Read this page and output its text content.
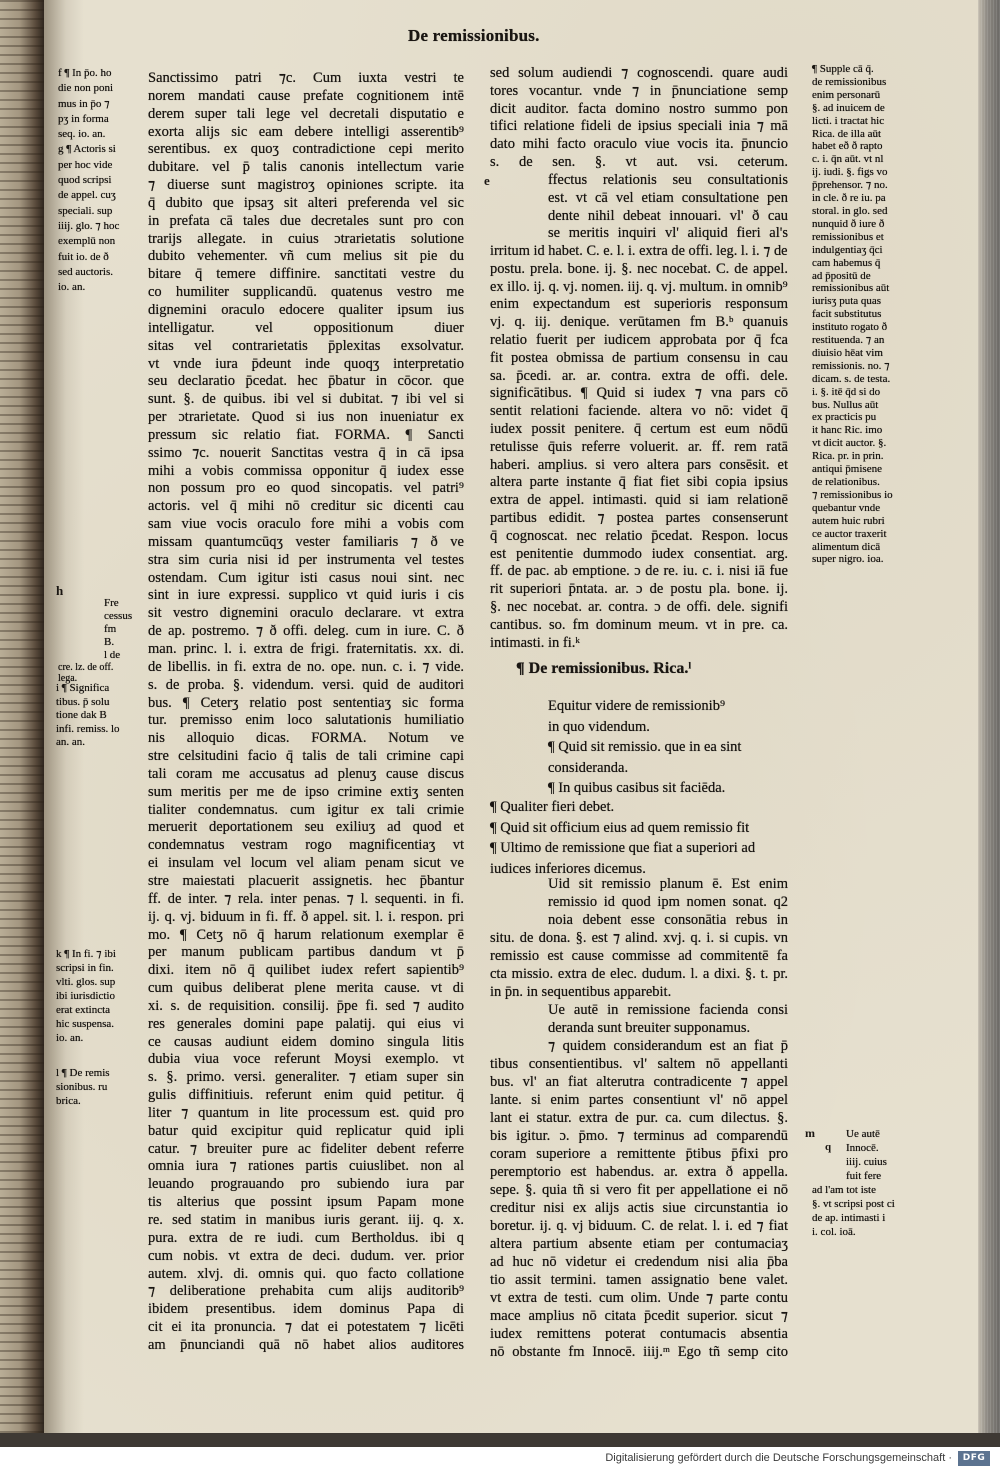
De remissionibus.
f ¶ In p̄o. ho
die non poni
mus in p̄o ⁊
pʒ in forma
seq. io. an.
g ¶ Actoris si
per hoc vide
quod scripsi
de appel. cuʒ
speciali. sup
iiij. glo. ⁊ hoc
exemplū non
fuit io. de ð
sed auctoris.
io. an.
h
Fre
cessus
fm
B.
l de
cre. lz. de off.
lega.
i ¶ Significa
tibus. p̄ solu
tione dak B
infi. remiss. lo
an. an.
k ¶ In fi. ⁊ ibi
scripsi in fin.
vlti. glos. sup
ibi iurisdictio
erat extincta
hic suspensa.
io. an.
l ¶ De remis
sionibus. ru
brica.
Sanctissimo patri ⁊c. Cum iuxta vestri te
norem mandati cause prefate cognitionem intē
derem super tali lege vel decretali disputatio e
exorta alijs sic eam debere intelligi asserentib⁹
serentibus. ex quoʒ contradictione cepi merito
dubitare. vel p̄ talis canonis intellectum varie
⁊ diuerse sunt magistroʒ opiniones scripte. ita
q̄ dubito que ipsaʒ sit alteri preferenda vel sic
in prefata cā tales due decretales sunt pro con
trarijs allegate. in cuius ɔtrarietatis solutione
dubito vehementer. vñ cum melius sit pie du
bitare q̄ temere diffinire. sanctitati vestre du
co humiliter supplicandū. quatenus vestro me
dignemini oraculo edocere qualiter ipsum ius
intelligatur. vel oppositionum diuer
sitas vel contrarietatis p̄plexitas exsolvatur.
vt vnde iura p̄deunt inde quoqʒ interpretatio
seu declaratio p̄cedat. hec p̄batur in cōcor. que
sunt. §. de quibus. ibi vel si dubitat. ⁊ ibi vel si
per ɔtrarietate. Quod si ius non inueniatur ex
pressum sic relatio fiat. FORMA. ¶ Sancti
ssimo ⁊c. nouerit Sanctitas vestra q̄ in cā ipsa
mihi a vobis commissa opponitur q̄ iudex esse
non possum pro eo quod sincopatis. vel patri⁹
actoris. vel q̄ mihi nō creditur sic dicenti cau
sam viue vocis oraculo fore mihi a vobis com
missam quantumcūqʒ vester familiaris ⁊ ð ve
stra sim curia nisi id per instrumenta vel testes
ostendam. Cum igitur isti casus noui sint. nec
sint in iure expressi. supplico vt quid iuris i cis
sit vestro dignemini oraculo declarare. vt extra
de ap. postremo. ⁊ ð offi. deleg. cum in iure. C. ð
man. princ. l. i. extra de frigi. fraternitatis. xx. di.
de libellis. in fi. extra de no. ope. nun. c. i. ⁊ vide.
s. de proba. §. videndum. versi. quid de auditori
bus. ¶ Ceterʒ relatio post sententiaʒ sic forma
tur. premisso enim loco salutationis humiliatio
nis alloquio dicas. FORMA. Notum ve
stre celsitudini facio q̄ talis de tali crimine capi
tali coram me accusatus ad plenuʒ cause discus
sum meritis per me de ipso crimine extiʒ senten
tialiter condemnatus. cum igitur ex tali crimie
meruerit deportationem seu exiliuʒ ad quod et
condemnatus vestram rogo magnificentiaʒ vt
ei insulam vel locum vel aliam penam sicut ve
stre maiestati placuerit assignetis. hec p̄bantur
ff. de inter. ⁊ rela. inter penas. ⁊ l. sequenti. in fi.
ij. q. vj. biduum in fi. ff. ð appel. sit. l. i. respon. pri
mo. ¶ Cetʒ nō q̄ harum relationum exemplar ē
per manum publicam partibus dandum vt p̄
dixi. item nō q̄ quilibet iudex refert sapientib⁹
cum quibus deliberat plene merita cause. vt di
xi. s. de requisition. consilij. p̄pe fi. sed ⁊ audito
res generales domini pape palatij. qui eius vi
ce causas audiunt eidem domino singula litis
dubia viua voce referunt Moysi exemplo. vt
s. §. primo. versi. generaliter. ⁊ etiam super sin
gulis diffinitiuis. referunt enim quid petitur. q̈
liter ⁊ quantum in lite processum est. quid pro
batur quid excipitur quid replicatur quid ipli
catur. ⁊ breuiter pure ac fideliter debent referre
omnia iura ⁊ rationes partis cuiuslibet. non al
leuando prograuando pro subiendo iura par
tis alterius que possint ipsum Papam mone
re. sed statim in manibus iuris gerant. iij. q. x.
pura. extra de re iudi. cum Bertholdus. ibi q
cum nobis. vt extra de deci. dudum. ver. prior
autem. xlvj. di. omnis qui. quo facto collatione
⁊ deliberatione prehabita cum alijs auditorib⁹
ibidem presentibus. idem dominus Papa di
cit ei ita pronuncia. ⁊ dat ei potestatem ⁊ licēti
am p̄nunciandi quā nō habet alios auditores
e
sed solum audiendi ⁊ cognoscendi. quare audi
tores vocantur. vnde ⁊ in p̄nunciatione semp
dicit auditor. facta domino nostro summo pon
tifici relatione fideli de ipsius speciali inia ⁊ mā
dato mihi facto oraculo viue vocis ita. p̄nuncio
s. de sen. §. vt aut. vsi. ceterum.
ffectus relationis seu consultationis
est. vt cā vel etiam consultatione pen
dente nihil debeat innouari. vl' ð cau
se meritis inquiri vl' aliquid fieri al's
irritum id habet. C. e. l. i. extra de offi. leg. l. i. ⁊ de
postu. prela. bone. ij. §. nec nocebat. C. de appel.
ex illo. ij. q. vj. nomen. iij. q. vj. multum. in omnib⁹
enim expectandum est superioris responsum
vj. q. iij. denique. verūtamen fm B.ᵇ quanuis
relatio fuerit per iudicem approbata por q̄ fca
fit postea obmissa de partium consensu in cau
sa. p̄cedi. ar. ar. contra. extra de offi. dele.
significātibus. ¶ Quid si iudex ⁊ vna pars cō
sentit relationi faciende. altera vo nō: videt q̄
iudex possit penitere. q̄ certum est eum nōdū
retulisse q̄uis referre voluerit. ar. ff. rem ratā
haberi. amplius. si vero altera pars consēsit. et
altera parte instante q̄ fiat fiet sibi copia ipsius
extra de appel. intimasti. quid si iam relationē
partibus edidit. ⁊ postea partes consenserunt
q̄ cognoscat. nec relatio p̄cedat. Respon. locus
est penitentie dummodo iudex consentiat. arg.
ff. de pac. ab emptione. ɔ de re. iu. c. i. nisi iā fue
rit superiori p̄ntata. ar. ɔ de postu pla. bone. ij.
§. nec nocebat. ar. contra. ɔ de offi. dele. signifi
cantibus. so. fm dominum meum. vt in pre. ca.
intimasti. in fi.ᵏ
¶ De remissionibus. Rica.ˡ
Equitur videre de remissionib⁹
in quo videndum.
¶ Quid sit remissio. que in ea sint
consideranda.
¶ In quibus casibus sit faciēda.
¶ Qualiter fieri debet.
¶ Quid sit officium eius ad quem remissio fit
¶ Ultimo de remissione que fiat a superiori ad
iudices inferiores dicemus.
Uid sit remissio planum ē. Est enim
remissio id quod ipm nomen sonat. q2
noia debent esse consonātia rebus in
situ. de dona. §. est ⁊ alind. xvj. q. i. si cupis. vn
remissio est cause commisse ad commitentē fa
cta missio. extra de elec. dudum. l. a dixi. §. t. pr.
in p̄n. in sequentibus apparebit.
Ue autē in remissione facienda consi
deranda sunt breuiter supponamus.
⁊ quidem considerandum est an fiat p̄
tibus consentientibus. vl' saltem nō appellanti
bus. vl' an fiat alterutra contradicente ⁊ appel
lante. si enim partes consentiunt vl' nō appel
lant ei statur. extra de pur. ca. cum dilectus. §.
bis igitur. ɔ. p̄mo. ⁊ terminus ad comparendū
coram superiore a remittente p̄tibus p̄fixi pro
peremptorio est habendus. ar. extra ð appella.
sepe. §. quia tñ si vero fit per appellatione ei nō
creditur nisi ex alijs actis siue circunstantia io
boretur. ij. q. vj biduum. C. de relat. l. i. ed ⁊ fiat
altera partium absente etiam per contumaciaʒ
ad huc nō videtur ei credendum nisi alia p̄ba
tio assit termini. tamen assignatio bene valet.
vt extra de testi. cum olim. Unde ⁊ parte contu
mace amplius nō citata p̄cedit superior. sicut ⁊
iudex remittens poterat contumacis absentia
nō obstante fm Innocē. iiij.ᵐ Ego tñ semp cito
¶ Supple cā q̄.
de remissionibus
enim personarū
§. ad inuicem de
licti. i tractat hic
Rica. de illa aūt
habet eð ð rapto
c. i. q̄n aūt. vt nl
ij. iudi. §. figs vo
p̄prehensor. ⁊ no.
in cle. ð re iu. pa
storal. in glo. sed
nunquid ð iure ð
remissionibus et
indulgentiaʒ q̄ci
cam habemus q̄
ad p̄positū de
remissionibus aūt
iurisʒ puta quas
facit substitutus
instituto rogato ð
restituenda. ⁊ an
diuisio hēat vim
remissionis. no. ⁊
dicam. s. de testa.
i. §. itē q̄d si do
bus. Nullus aūt
ex practicis pu
it hanc Ric. imo
vt dicit auctor. §.
Rica. pr. in prin.
antiqui p̄misene
de relationibus.
⁊ remissionibus io
quebantur vnde
autem huic rubri
ce auctor traxerit
alimentum dicā
super nigro. ioa.
m
q
Ue autē
Innocē.
iiij. cuius
fuit fere
ad l'am tot iste
§. vt scripsi post ci
de ap. intimasti i
i. col. ioā.
Digitalisierung gefördert durch die Deutsche Forschungsgemeinschaft ·	DFG
